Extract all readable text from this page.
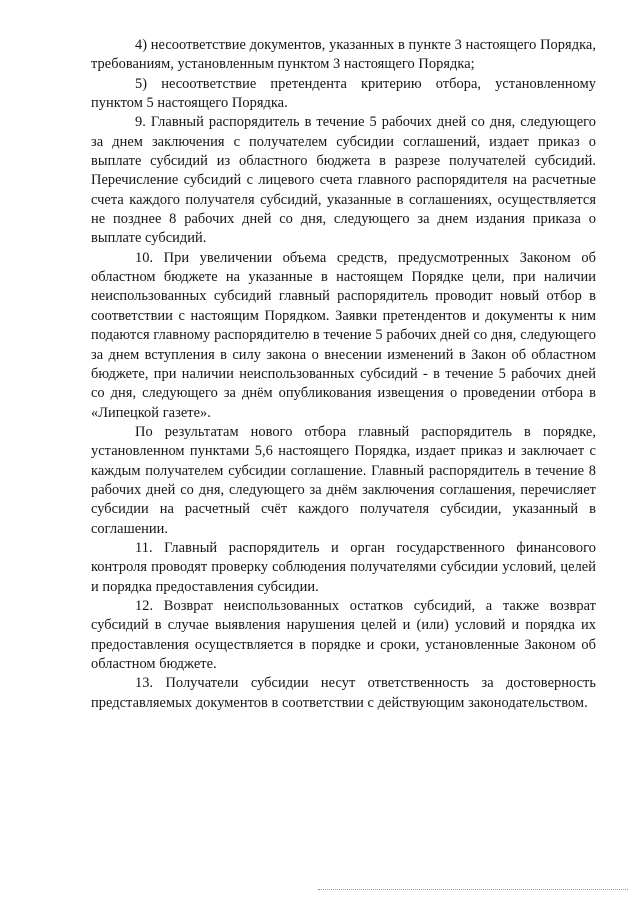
4) несоответствие документов, указанных в пункте 3 настоящего Порядка, требованиям, установленным пунктом 3 настоящего Порядка;

5) несоответствие претендента критерию отбора, установленному пунктом 5 настоящего Порядка.

9. Главный распорядитель в течение 5 рабочих дней со дня, следующего за днем заключения с получателем субсидии соглашений, издает приказ о выплате субсидий из областного бюджета в разрезе получателей субсидий. Перечисление субсидий с лицевого счета главного распорядителя на расчетные счета каждого получателя субсидий, указанные в соглашениях, осуществляется не позднее 8 рабочих дней со дня, следующего за днем издания приказа о выплате субсидий.

10. При увеличении объема средств, предусмотренных Законом об областном бюджете на указанные в настоящем Порядке цели, при наличии неиспользованных субсидий главный распорядитель проводит новый отбор в соответствии с настоящим Порядком. Заявки претендентов и документы к ним подаются главному распорядителю в течение 5 рабочих дней со дня, следующего за днем вступления в силу закона о внесении изменений в Закон об областном бюджете, при наличии неиспользованных субсидий - в течение 5 рабочих дней со дня, следующего за днём опубликования извещения о проведении отбора в «Липецкой газете».

По результатам нового отбора главный распорядитель в порядке, установленном пунктами 5,6 настоящего Порядка, издает приказ и заключает с каждым получателем субсидии соглашение. Главный распорядитель в течение 8 рабочих дней со дня, следующего за днём заключения соглашения, перечисляет субсидии на расчетный счёт каждого получателя субсидии, указанный в соглашении.

11. Главный распорядитель и орган государственного финансового контроля проводят проверку соблюдения получателями субсидии условий, целей и порядка предоставления субсидии.

12. Возврат неиспользованных остатков субсидий, а также возврат субсидий в случае выявления нарушения целей и (или) условий и порядка их предоставления осуществляется в порядке и сроки, установленные Законом об областном бюджете.

13. Получатели субсидии несут ответственность за достоверность представляемых документов в соответствии с действующим законодательством.
